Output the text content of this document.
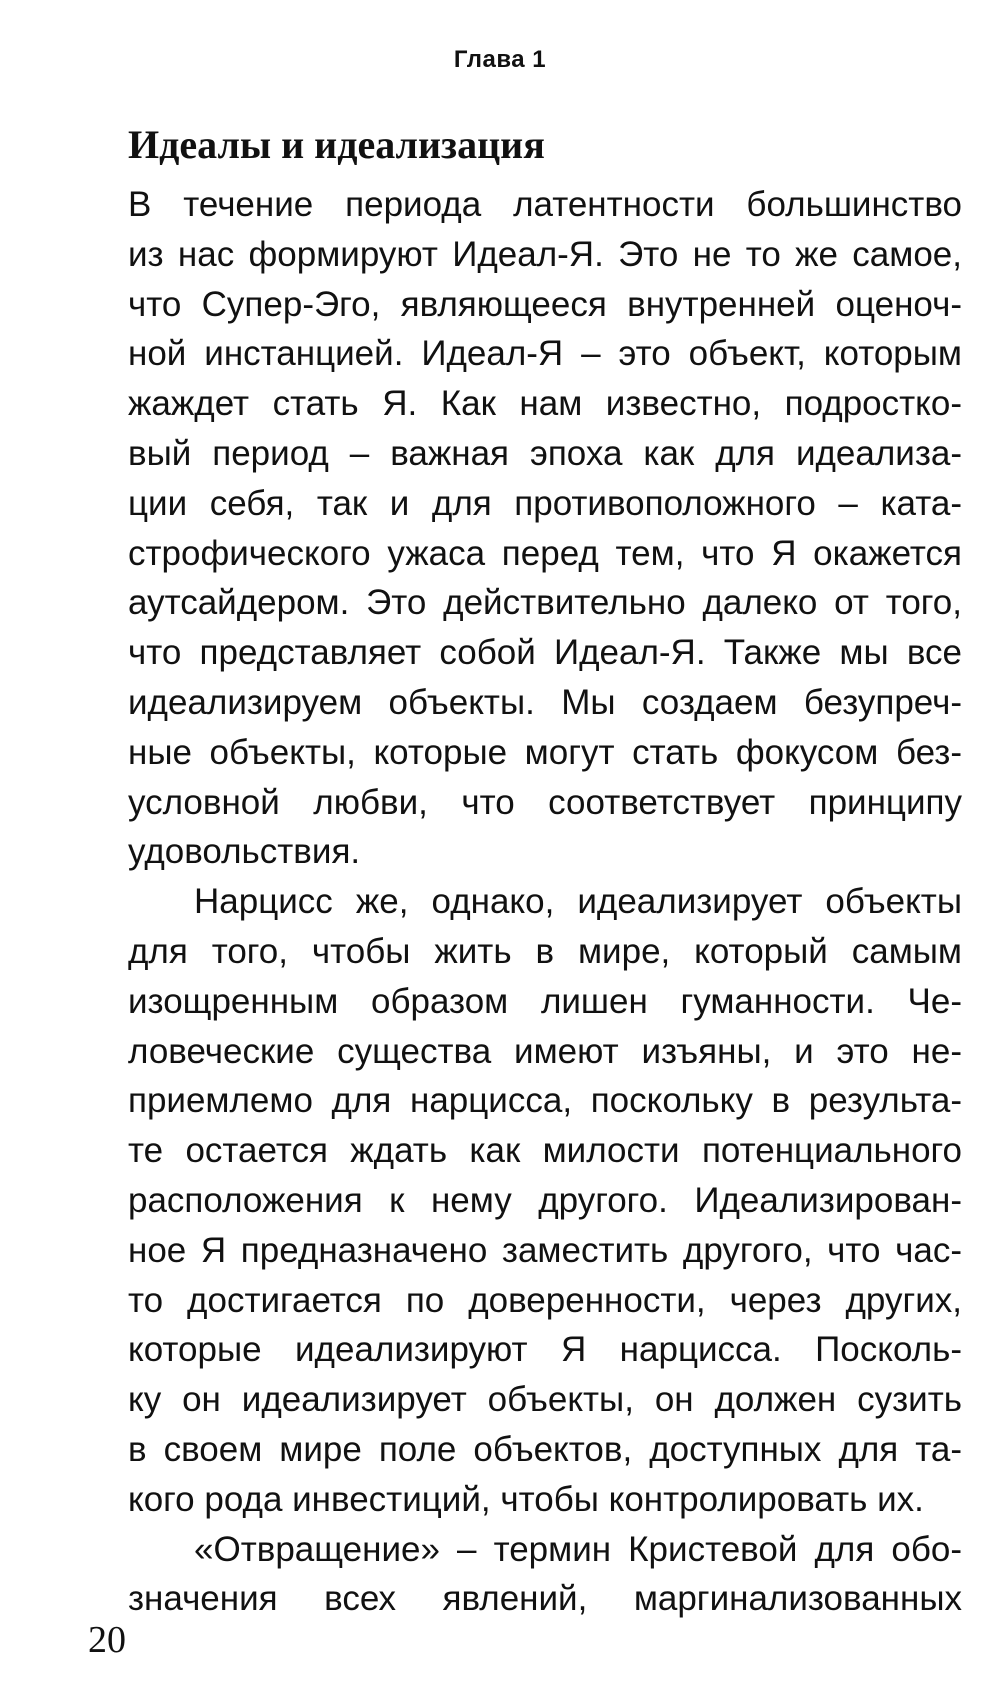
Глава 1
Идеалы и идеализация
В течение периода латентности большинство
из нас формируют Идеал-Я. Это не то же самое,
что Супер-Эго, являющееся внутренней оценоч-
ной инстанцией. Идеал-Я – это объект, которым
жаждет стать Я. Как нам известно, подростко-
вый период – важная эпоха как для идеализа-
ции себя, так и для противоположного – ката-
строфического ужаса перед тем, что Я окажется
аутсайдером. Это действительно далеко от того,
что представляет собой Идеал-Я. Также мы все
идеализируем объекты. Мы создаем безупреч-
ные объекты, которые могут стать фокусом без-
условной любви, что соответствует принципу
удовольствия.
Нарцисс же, однако, идеализирует объекты
для того, чтобы жить в мире, который самым
изощренным образом лишен гуманности. Че-
ловеческие существа имеют изъяны, и это не-
приемлемо для нарцисса, поскольку в результа-
те остается ждать как милости потенциального
расположения к нему другого. Идеализирован-
ное Я предназначено заместить другого, что час-
то достигается по доверенности, через других,
которые идеализируют Я нарцисса. Посколь-
ку он идеализирует объекты, он должен сузить
в своем мире поле объектов, доступных для та-
кого рода инвестиций, чтобы контролировать их.
«Отвращение» – термин Кристевой для обо-
значения всех явлений, маргинализованных
20
